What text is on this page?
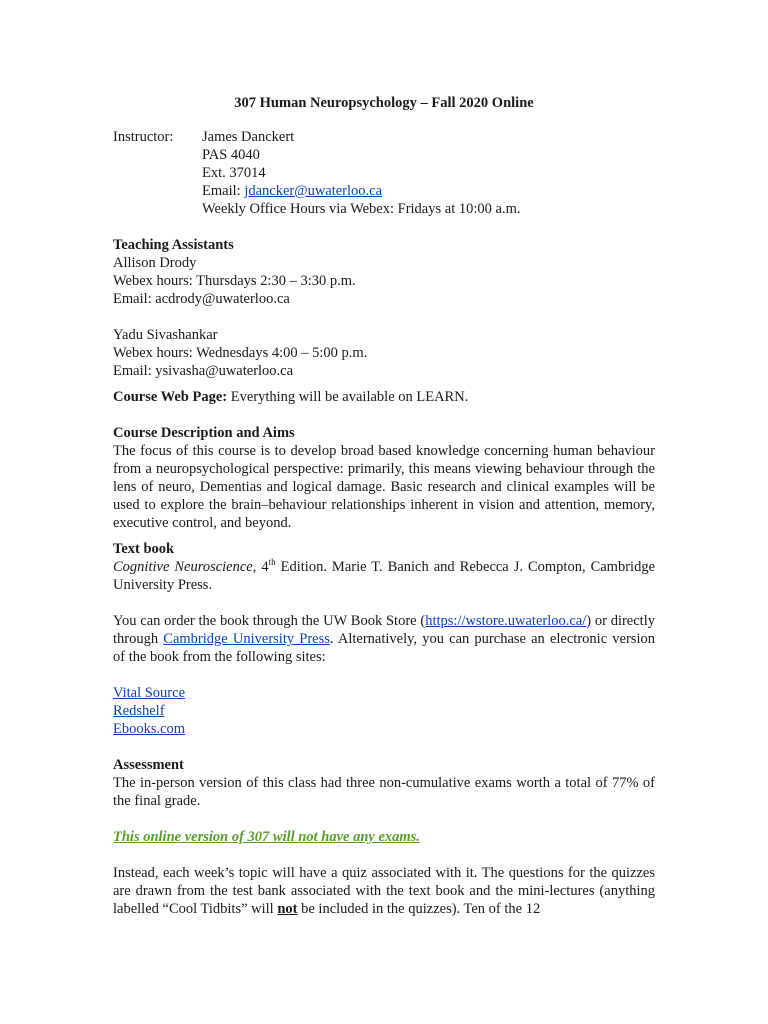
307 Human Neuropsychology – Fall 2020 Online
Instructor:	James Danckert
PAS 4040
Ext. 37014
Email: jdancker@uwaterloo.ca
Weekly Office Hours via Webex: Fridays at 10:00 a.m.
Teaching Assistants
Allison Drody
Webex hours: Thursdays 2:30 – 3:30 p.m.
Email: acdrody@uwaterloo.ca
Yadu Sivashankar
Webex hours: Wednesdays 4:00 – 5:00 p.m.
Email: ysivasha@uwaterloo.ca
Course Web Page: Everything will be available on LEARN.
Course Description and Aims
The focus of this course is to develop broad based knowledge concerning human behaviour from a neuropsychological perspective: primarily, this means viewing behaviour through the lens of neuro, Dementias and logical damage. Basic research and clinical examples will be used to explore the brain–behaviour relationships inherent in vision and attention, memory, executive control, and beyond.
Text book
Cognitive Neuroscience, 4th Edition. Marie T. Banich and Rebecca J. Compton, Cambridge University Press.
You can order the book through the UW Book Store (https://wstore.uwaterloo.ca/) or directly through Cambridge University Press. Alternatively, you can purchase an electronic version of the book from the following sites:
Vital Source
Redshelf
Ebooks.com
Assessment
The in-person version of this class had three non-cumulative exams worth a total of 77% of the final grade.
This online version of 307 will not have any exams.
Instead, each week’s topic will have a quiz associated with it. The questions for the quizzes are drawn from the test bank associated with the text book and the mini-lectures (anything labelled “Cool Tidbits” will not be included in the quizzes). Ten of the 12
